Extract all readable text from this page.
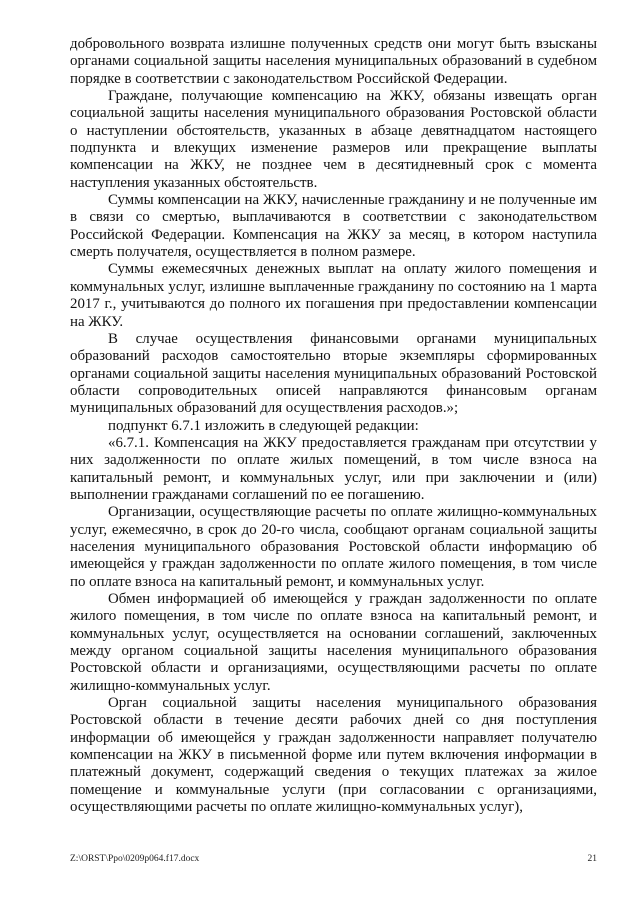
добровольного возврата излишне полученных средств они могут быть взысканы органами социальной защиты населения муниципальных образований в судебном порядке в соответствии с законодательством Российской Федерации.

Граждане, получающие компенсацию на ЖКУ, обязаны извещать орган социальной защиты населения муниципального образования Ростовской области о наступлении обстоятельств, указанных в абзаце девятнадцатом настоящего подпункта и влекущих изменение размеров или прекращение выплаты компенсации на ЖКУ, не позднее чем в десятидневный срок с момента наступления указанных обстоятельств.

Суммы компенсации на ЖКУ, начисленные гражданину и не полученные им в связи со смертью, выплачиваются в соответствии с законодательством Российской Федерации. Компенсация на ЖКУ за месяц, в котором наступила смерть получателя, осуществляется в полном размере.

Суммы ежемесячных денежных выплат на оплату жилого помещения и коммунальных услуг, излишне выплаченные гражданину по состоянию на 1 марта 2017 г., учитываются до полного их погашения при предоставлении компенсации на ЖКУ.

В случае осуществления финансовыми органами муниципальных образований расходов самостоятельно вторые экземпляры сформированных органами социальной защиты населения муниципальных образований Ростовской области сопроводительных описей направляются финансовым органам муниципальных образований для осуществления расходов.»;

подпункт 6.7.1 изложить в следующей редакции:

«6.7.1. Компенсация на ЖКУ предоставляется гражданам при отсутствии у них задолженности по оплате жилых помещений, в том числе взноса на капитальный ремонт, и коммунальных услуг, или при заключении и (или) выполнении гражданами соглашений по ее погашению.

Организации, осуществляющие расчеты по оплате жилищно-коммунальных услуг, ежемесячно, в срок до 20-го числа, сообщают органам социальной защиты населения муниципального образования Ростовской области информацию об имеющейся у граждан задолженности по оплате жилого помещения, в том числе по оплате взноса на капитальный ремонт, и коммунальных услуг.

Обмен информацией об имеющейся у граждан задолженности по оплате жилого помещения, в том числе по оплате взноса на капитальный ремонт, и коммунальных услуг, осуществляется на основании соглашений, заключенных между органом социальной защиты населения муниципального образования Ростовской области и организациями, осуществляющими расчеты по оплате жилищно-коммунальных услуг.

Орган социальной защиты населения муниципального образования Ростовской области в течение десяти рабочих дней со дня поступления информации об имеющейся у граждан задолженности направляет получателю компенсации на ЖКУ в письменной форме или путем включения информации в платежный документ, содержащий сведения о текущих платежах за жилое помещение и коммунальные услуги (при согласовании с организациями, осуществляющими расчеты по оплате жилищно-коммунальных услуг),

Z:\ORST\Ppo\0209p064.f17.docx	21
